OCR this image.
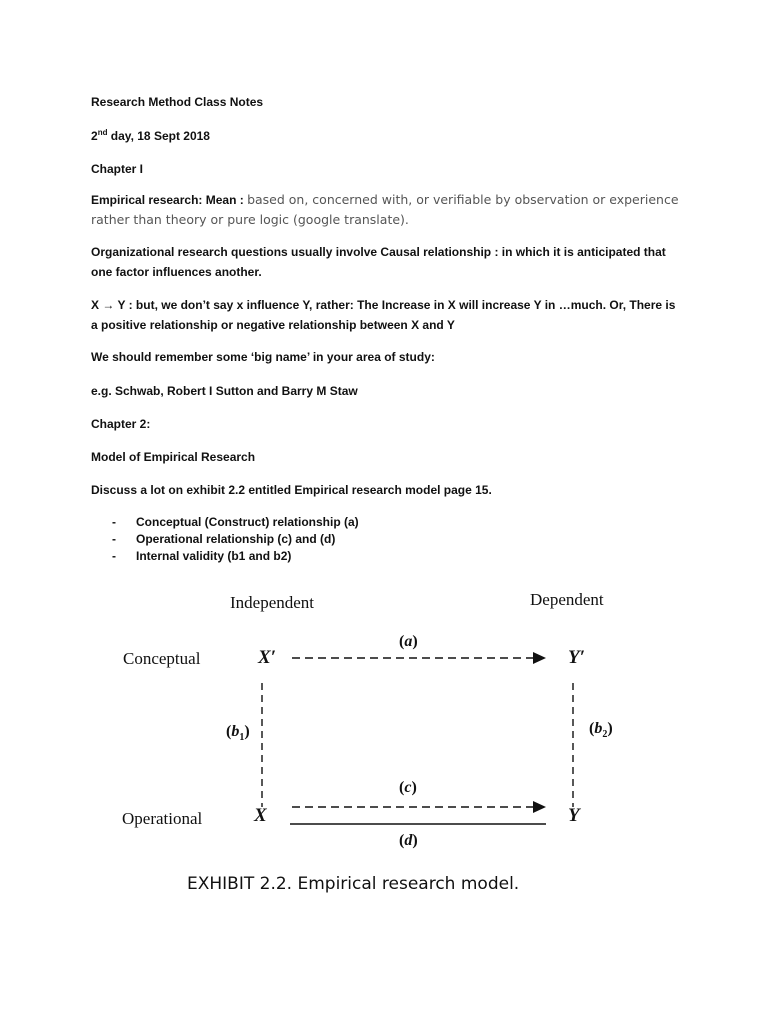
Research Method Class Notes
2nd day, 18 Sept 2018
Chapter I
Empirical research: Mean : based on, concerned with, or verifiable by observation or experience rather than theory or pure logic (google translate).
Organizational research questions usually involve Causal relationship : in which it is anticipated that one factor influences another.
X → Y : but, we don’t say x influence Y, rather: The Increase in X will increase Y in …much. Or, There is a positive relationship or negative relationship between X and Y
We should remember some ‘big name’ in your area of study:
e.g. Schwab, Robert I Sutton and Barry M Staw
Chapter 2:
Model of Empirical Research
Discuss a lot on exhibit 2.2 entitled Empirical research model page 15.
- Conceptual (Construct) relationship (a)
- Operational relationship (c) and (d)
- Internal validity (b1 and b2)
Independent	Dependent
Conceptual
Operational
X′	Y′
X	Y
(a)
$(b_1)$	$(b_2)$
(c)
(d)
EXHIBIT 2.2. Empirical research model.
